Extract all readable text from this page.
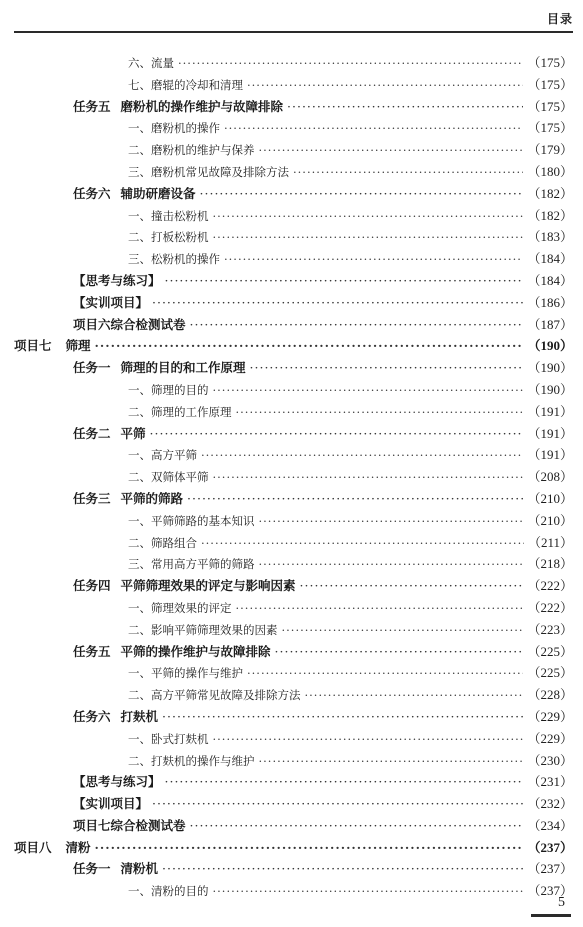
目录
六、流量 ·····	（175）
七、磨辊的冷却和清理 ·····	（175）
任务五 磨粉机的操作维护与故障排除 ·····	（175）
一、磨粉机的操作 ·····	（175）
二、磨粉机的维护与保养 ·····	（179）
三、磨粉机常见故障及排除方法 ·····	（180）
任务六 辅助研磨设备 ·····	（182）
一、撞击松粉机 ·····	（182）
二、打板松粉机 ·····	（183）
三、松粉机的操作 ·····	（184）
【思考与练习】 ·····	（184）
【实训项目】 ·····	（186）
项目六综合检测试卷 ·····	（187）
项目七 筛理 ·····	（190）
任务一 筛理的目的和工作原理 ·····	（190）
一、筛理的目的 ·····	（190）
二、筛理的工作原理 ·····	（191）
任务二 平筛 ·····	（191）
一、高方平筛 ·····	（191）
二、双筛体平筛 ·····	（208）
任务三 平筛的筛路 ·····	（210）
一、平筛筛路的基本知识 ·····	（210）
二、筛路组合 ·····	（211）
三、常用高方平筛的筛路 ·····	（218）
任务四 平筛筛理效果的评定与影响因素 ·····	（222）
一、筛理效果的评定 ·····	（222）
二、影响平筛筛理效果的因素 ·····	（223）
任务五 平筛的操作维护与故障排除 ·····	（225）
一、平筛的操作与维护 ·····	（225）
二、高方平筛常见故障及排除方法 ·····	（228）
任务六 打麸机 ·····	（229）
一、卧式打麸机 ·····	（229）
二、打麸机的操作与维护 ·····	（230）
【思考与练习】 ·····	（231）
【实训项目】 ·····	（232）
项目七综合检测试卷 ·····	（234）
项目八 清粉 ·····	（237）
任务一 清粉机 ·····	（237）
一、清粉的目的 ·····	（237）
5
